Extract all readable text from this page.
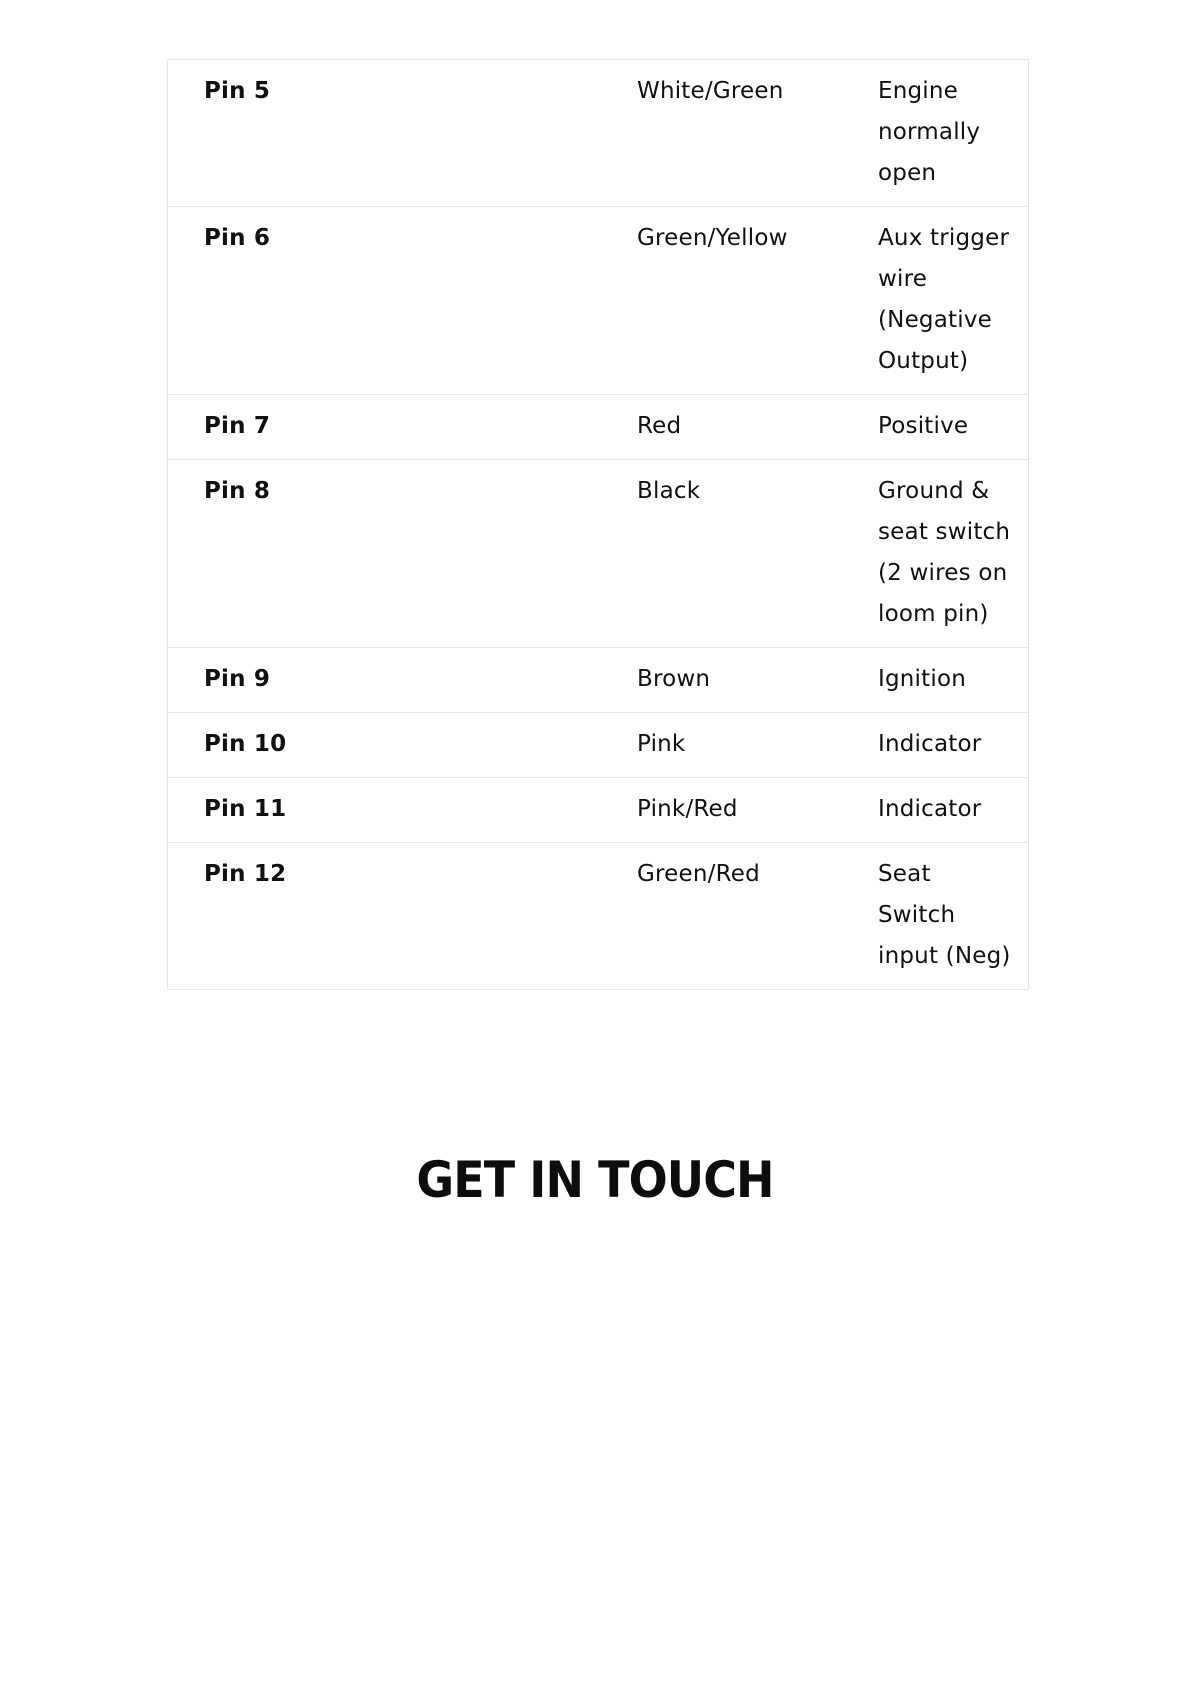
Pin 5	White/Green	Engine normally open
Pin 6	Green/Yellow	Aux trigger wire (Negative Output)
Pin 7	Red	Positive
Pin 8	Black	Ground & seat switch (2 wires on loom pin)
Pin 9	Brown	Ignition
Pin 10	Pink	Indicator
Pin 11	Pink/Red	Indicator
Pin 12	Green/Red	Seat Switch input (Neg)
GET IN TOUCH
